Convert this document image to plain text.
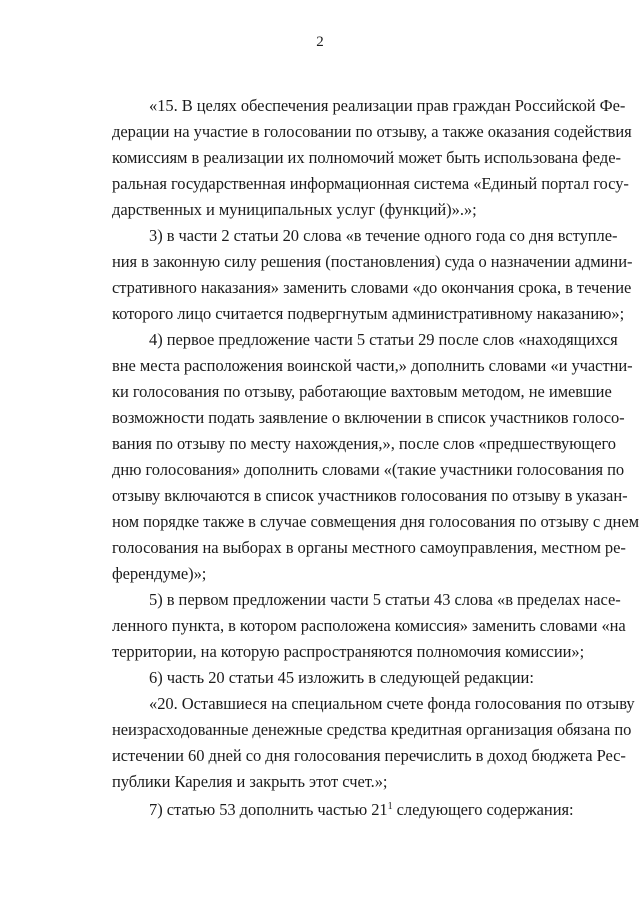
2
«15. В целях обеспечения реализации прав граждан Российской Фе-
дерации на участие в голосовании по отзыву, а также оказания содействия
комиссиям в реализации их полномочий может быть использована феде-
ральная государственная информационная система «Единый портал госу-
дарственных и муниципальных услуг (функций)».»;
3) в части 2 статьи 20 слова «в течение одного года со дня вступле-
ния в законную силу решения (постановления) суда о назначении админи-
стративного наказания» заменить словами «до окончания срока, в течение
которого лицо считается подвергнутым административному наказанию»;
4) первое предложение части 5 статьи 29 после слов «находящихся
вне места расположения воинской части,» дополнить словами «и участни-
ки голосования по отзыву, работающие вахтовым методом, не имевшие
возможности подать заявление о включении в список участников голосо-
вания по отзыву по месту нахождения,», после слов «предшествующего
дню голосования» дополнить словами «(такие участники голосования по
отзыву включаются в список участников голосования по отзыву в указан-
ном порядке также в случае совмещения дня голосования по отзыву с днем
голосования на выборах в органы местного самоуправления, местном ре-
ферендуме)»;
5) в первом предложении части 5 статьи 43 слова «в пределах насе-
ленного пункта, в котором расположена комиссия» заменить словами «на
территории, на которую распространяются полномочия комиссии»;
6) часть 20 статьи 45 изложить в следующей редакции:
«20. Оставшиеся на специальном счете фонда голосования по отзыву
неизрасходованные денежные средства кредитная организация обязана по
истечении 60 дней со дня голосования перечислить в доход бюджета Рес-
публики Карелия и закрыть этот счет.»;
7) статью 53 дополнить частью $21^1$ следующего содержания:
